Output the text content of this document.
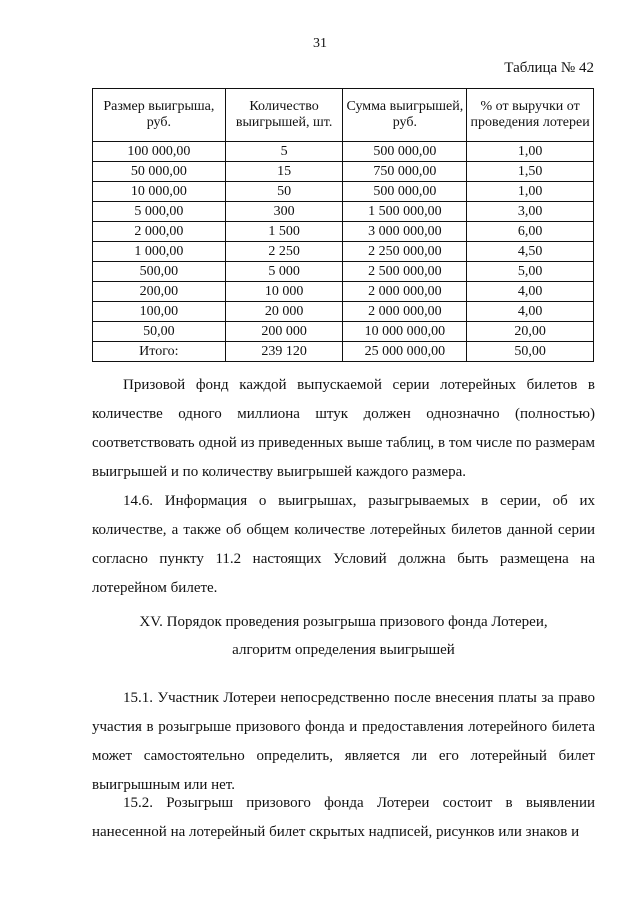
31
Таблица № 42
Размер выигрыша, руб.	Количество выигрышей, шт.	Сумма выигрышей, руб.	% от выручки от проведения лотереи
100 000,00	5	500 000,00	1,00
50 000,00	15	750 000,00	1,50
10 000,00	50	500 000,00	1,00
5 000,00	300	1 500 000,00	3,00
2 000,00	1 500	3 000 000,00	6,00
1 000,00	2 250	2 250 000,00	4,50
500,00	5 000	2 500 000,00	5,00
200,00	10 000	2 000 000,00	4,00
100,00	20 000	2 000 000,00	4,00
50,00	200 000	10 000 000,00	20,00
Итого:	239 120	25 000 000,00	50,00

Призовой фонд каждой выпускаемой серии лотерейных билетов в количестве одного миллиона штук должен однозначно (полностью) соответствовать одной из приведенных выше таблиц, в том числе по размерам выигрышей и по количеству выигрышей каждого размера.

14.6. Информация о выигрышах, разыгрываемых в серии, об их количестве, а также об общем количестве лотерейных билетов данной серии согласно пункту 11.2 настоящих Условий должна быть размещена на лотерейном билете.

XV. Порядок проведения розыгрыша призового фонда Лотереи,

алгоритм определения выигрышей

15.1. Участник Лотереи непосредственно после внесения платы за право участия в розыгрыше призового фонда и предоставления лотерейного билета может самостоятельно определить, является ли его лотерейный билет выигрышным или нет.

15.2. Розыгрыш призового фонда Лотереи состоит в выявлении нанесенной на лотерейный билет скрытых надписей, рисунков или знаков и
